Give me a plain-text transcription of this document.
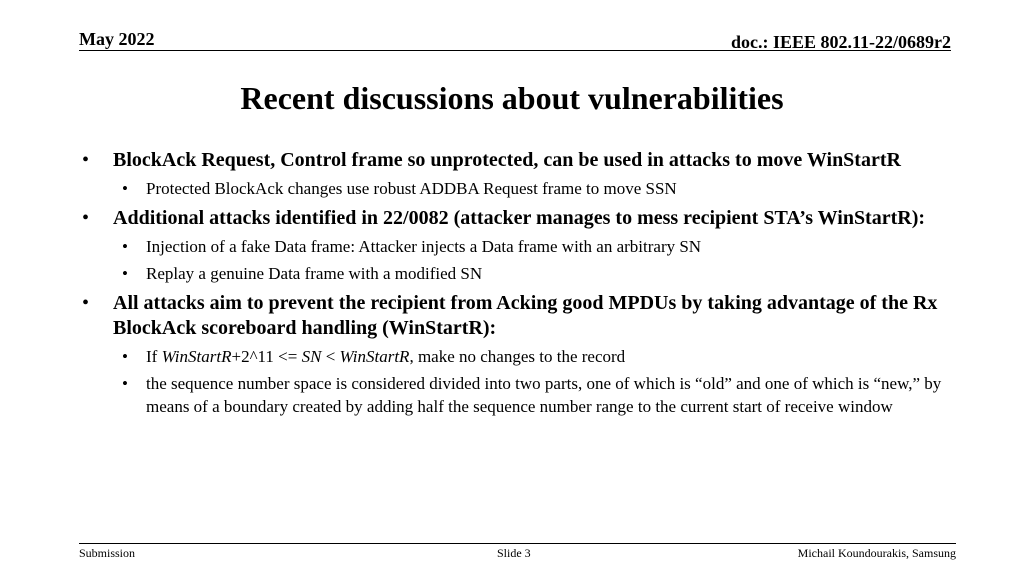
May 2022	doc.: IEEE 802.11-22/0689r2
Recent discussions about vulnerabilities
• BlockAck Request, Control frame so unprotected, can be used in attacks to move WinStartR
• Protected BlockAck changes use robust ADDBA Request frame to move SSN
• Additional attacks identified in 22/0082 (attacker manages to mess recipient STA’s WinStartR):
• Injection of a fake Data frame: Attacker injects a Data frame with an arbitrary SN
• Replay a genuine Data frame with a modified SN
• All attacks aim to prevent the recipient from Acking good MPDUs by taking advantage of the Rx BlockAck scoreboard handling (WinStartR):
• If WinStartR+2^11 <= SN < WinStartR, make no changes to the record
• the sequence number space is considered divided into two parts, one of which is “old” and one of which is “new,” by means of a boundary created by adding half the sequence number range to the current start of receive window
Submission	Slide 3	Michail Koundourakis, Samsung
